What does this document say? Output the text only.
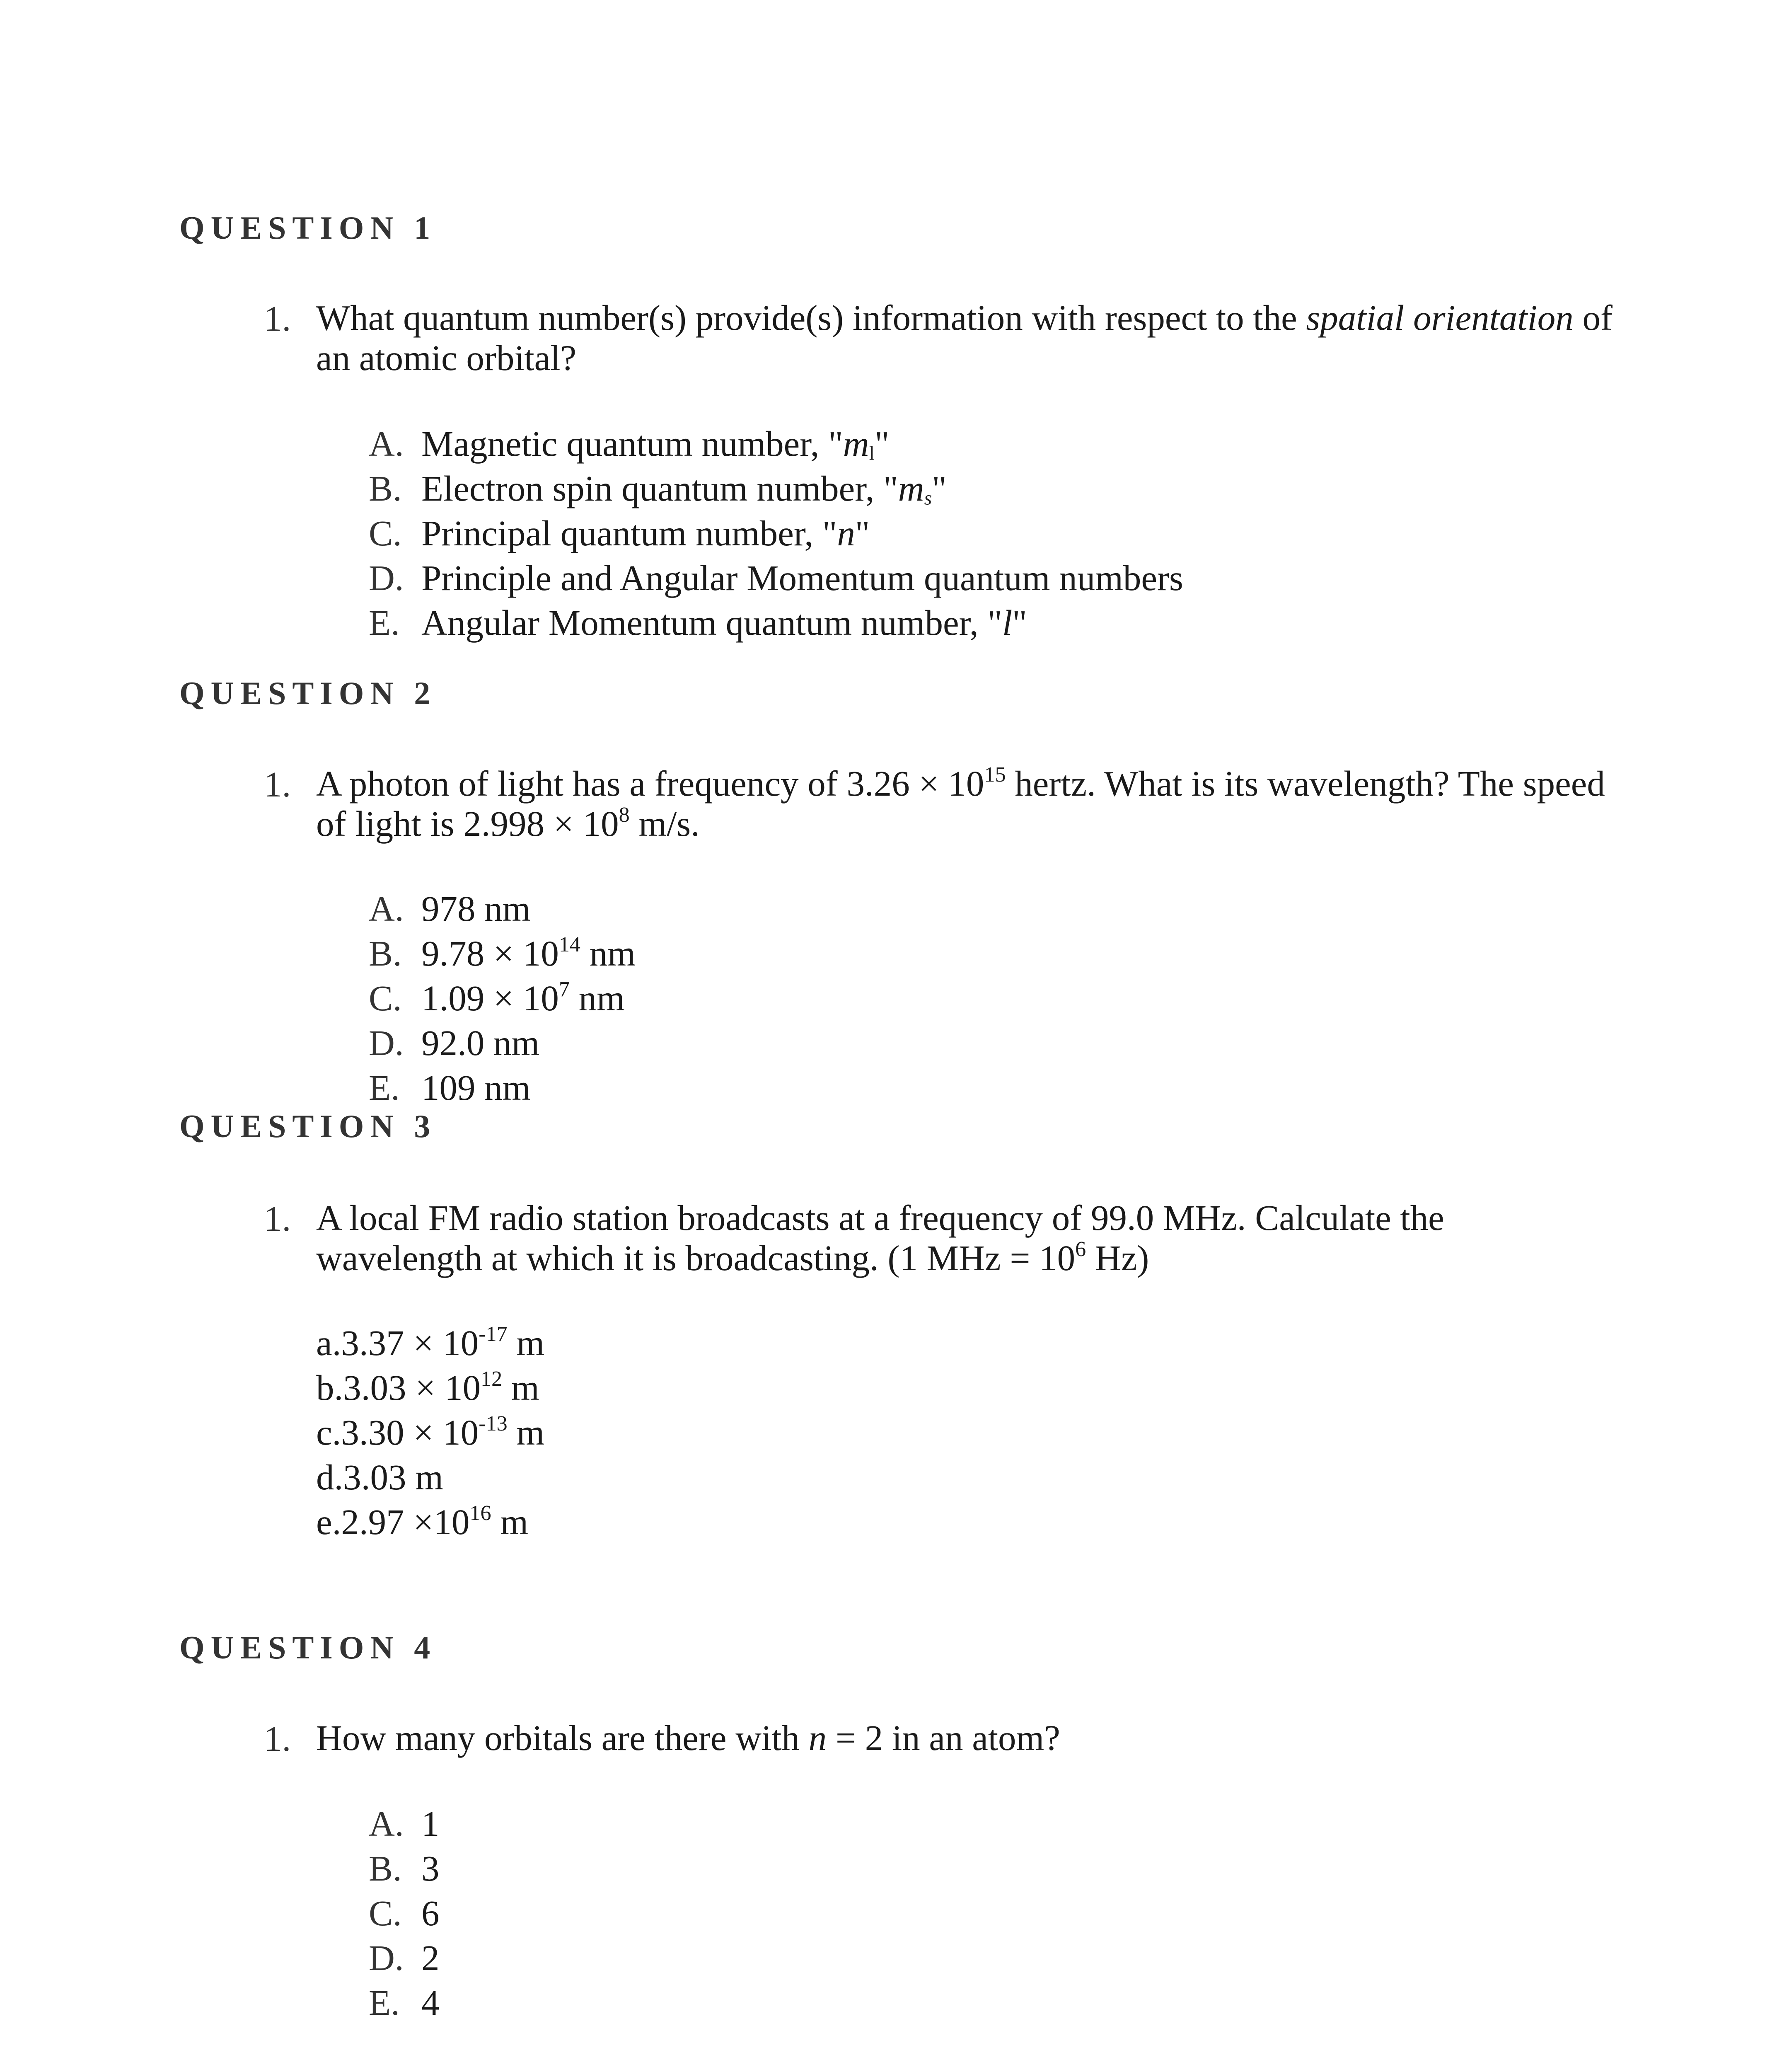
QUESTION 1
1. What quantum number(s) provide(s) information with respect to the spatial orientation of
an atomic orbital?
A. Magnetic quantum number, "$m_l$"
B. Electron spin quantum number, "$m_s$"
C. Principal quantum number, "n"
D. Principle and Angular Momentum quantum numbers
E. Angular Momentum quantum number, "l"
QUESTION 2
1. A photon of light has a frequency of $3.26 \times 10^{15}$ hertz. What is its wavelength? The speed
of light is $2.998 \times 10^8$ m/s.
A. 978 nm
B. $9.78 \times 10^{14}$ nm
C. $1.09 \times 10^7$ nm
D. 92.0 nm
E. 109 nm
QUESTION 3
1. A local FM radio station broadcasts at a frequency of 99.0 MHz. Calculate the
wavelength at which it is broadcasting. (1 MHz = $10^6$ Hz)
$a.3.37 \times 10^{-17}$ m
$b.3.03 \times 10^{12}$ m
$c.3.30 \times 10^{-13}$ m
d.3.03 m
$e.2.97 \times 10^{16}$ m
QUESTION 4
1. How many orbitals are there with n = 2 in an atom?
A. 1
B. 3
C. 6
D. 2
E. 4
